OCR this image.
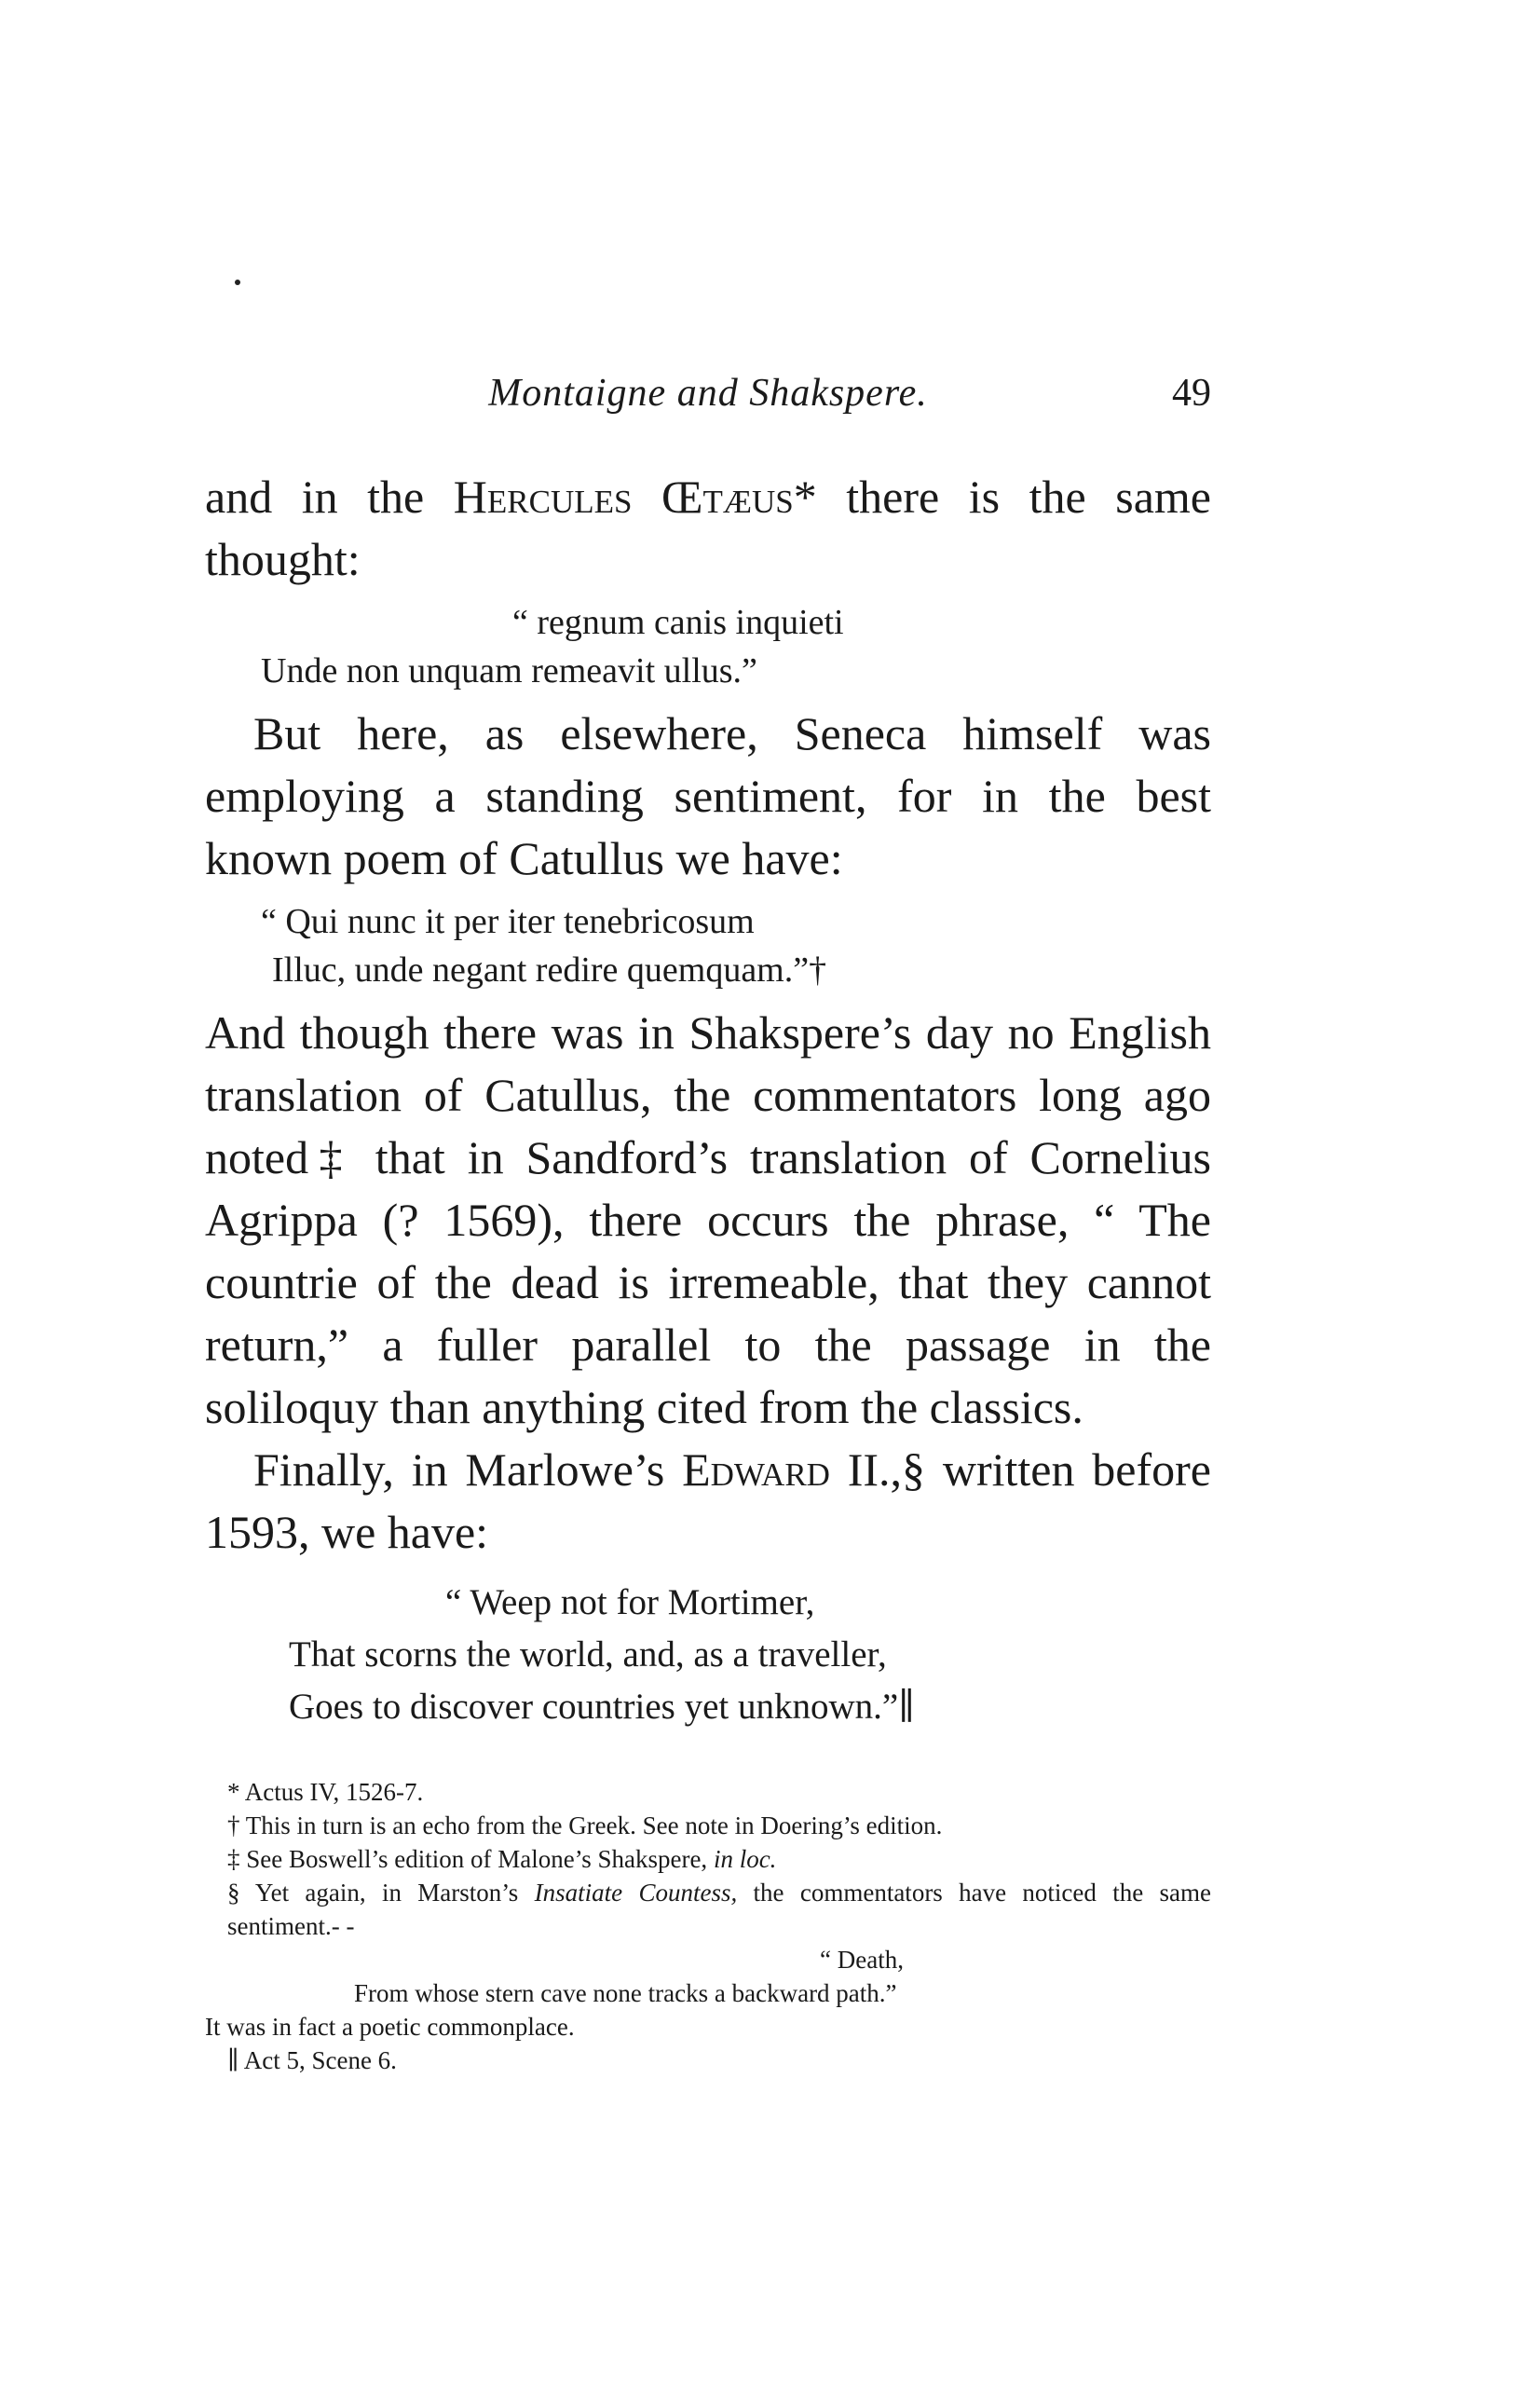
Montaigne and Shakspere.	49

and in the Hercules Œtæus* there is the same thought:

“ regnum canis inquieti
Unde non unquam remeavit ullus.”

But here, as elsewhere, Seneca himself was employing a standing sentiment, for in the best known poem of Catullus we have:

“ Qui nunc it per iter tenebricosum
Illuc, unde negant redire quemquam.”†

And though there was in Shakspere’s day no English translation of Catullus, the commentators long ago noted‡ that in Sandford’s translation of Cornelius Agrippa (? 1569), there occurs the phrase, “ The countrie of the dead is irremeable, that they cannot return,” a fuller parallel to the passage in the soliloquy than anything cited from the classics.

Finally, in Marlowe’s Edward II.,§ written before 1593, we have:

“ Weep not for Mortimer,
That scorns the world, and, as a traveller,
Goes to discover countries yet unknown.”∥
* Actus IV, 1526-7.
† This in turn is an echo from the Greek. See note in Doering’s edition.
‡ See Boswell’s edition of Malone’s Shakspere, in loc.
§ Yet again, in Marston’s Insatiate Countess, the commentators have noticed the same sentiment.- -
“ Death,
From whose stern cave none tracks a backward path.”
It was in fact a poetic commonplace.
∥ Act 5, Scene 6.
